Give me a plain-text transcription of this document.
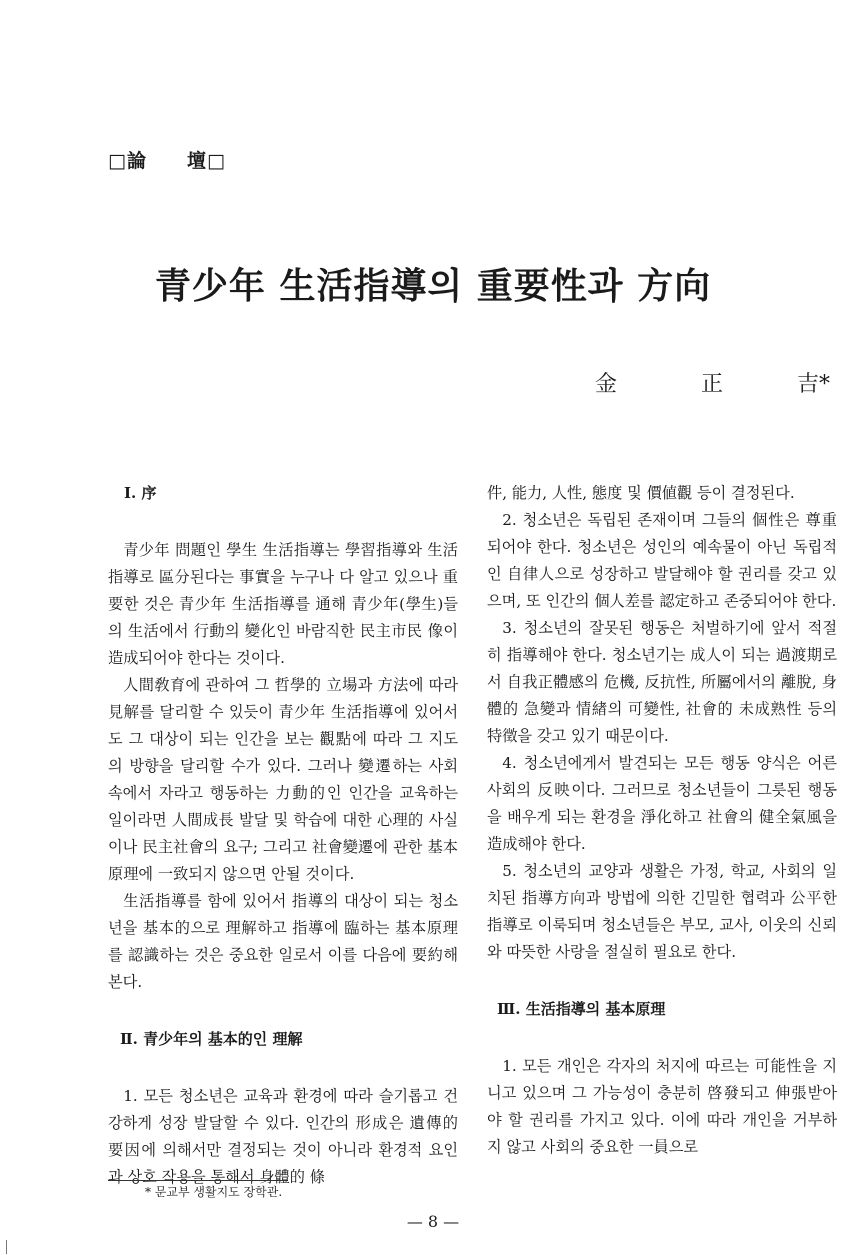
□論　　壇□
青少年 生活指導의 重要性과 方向
金	正	吉*

Ⅰ. 序

青少年 問題인 學生 生活指導는 學習指導와 生活指導로 區分된다는 事實을 누구나 다 알고 있으나 重要한 것은 青少年 生活指導를 通해 青少年(學生)들의 生活에서 行動의 變化인 바람직한 民主市民 像이 造成되어야 한다는 것이다.

人間敎育에 관하여 그 哲學的 立場과 方法에 따라 見解를 달리할 수 있듯이 青少年 生活指導에 있어서도 그 대상이 되는 인간을 보는 觀點에 따라 그 지도의 방향을 달리할 수가 있다. 그러나 變遷하는 사회 속에서 자라고 행동하는 力動的인 인간을 교육하는 일이라면 人間成長 발달 및 학습에 대한 心理的 사실이나 民主社會의 요구; 그리고 社會變遷에 관한 基本原理에 一致되지 않으면 안될 것이다.

生活指導를 함에 있어서 指導의 대상이 되는 청소년을 基本的으로 理解하고 指導에 臨하는 基本原理를 認識하는 것은 중요한 일로서 이를 다음에 要約해 본다.

Ⅱ. 青少年의 基本的인 理解

1. 모든 청소년은 교육과 환경에 따라 슬기롭고 건강하게 성장 발달할 수 있다. 인간의 形成은 遺傳的 要因에 의해서만 결정되는 것이 아니라 환경적 요인과 상호 작용을 통해서 身體的 條

件, 能力, 人性, 態度 및 價値觀 등이 결정된다.

2. 청소년은 독립된 존재이며 그들의 個性은 尊重되어야 한다. 청소년은 성인의 예속물이 아닌 독립적인 自律人으로 성장하고 발달해야 할 권리를 갖고 있으며, 또 인간의 個人差를 認定하고 존중되어야 한다.

3. 청소년의 잘못된 행동은 처벌하기에 앞서 적절히 指導해야 한다. 청소년기는 成人이 되는 過渡期로서 自我正體感의 危機, 反抗性, 所屬에서의 離脫, 身體的 急變과 情緖의 可變性, 社會的 未成熟性 등의 特徵을 갖고 있기 때문이다.

4. 청소년에게서 발견되는 모든 행동 양식은 어른 사회의 反映이다. 그러므로 청소년들이 그릇된 행동을 배우게 되는 환경을 淨化하고 社會의 健全氣風을 造成해야 한다.

5. 청소년의 교양과 생활은 가정, 학교, 사회의 일치된 指導方向과 방법에 의한 긴밀한 협력과 公平한 指導로 이룩되며 청소년들은 부모, 교사, 이웃의 신뢰와 따뜻한 사랑을 절실히 필요로 한다.

Ⅲ. 生活指導의 基本原理

1. 모든 개인은 각자의 처지에 따르는 可能性을 지니고 있으며 그 가능성이 충분히 啓發되고 伸張받아야 할 권리를 가지고 있다. 이에 따라 개인을 거부하지 않고 사회의 중요한 一員으로

* 문교부 생활지도 장학관.
— 8 —
